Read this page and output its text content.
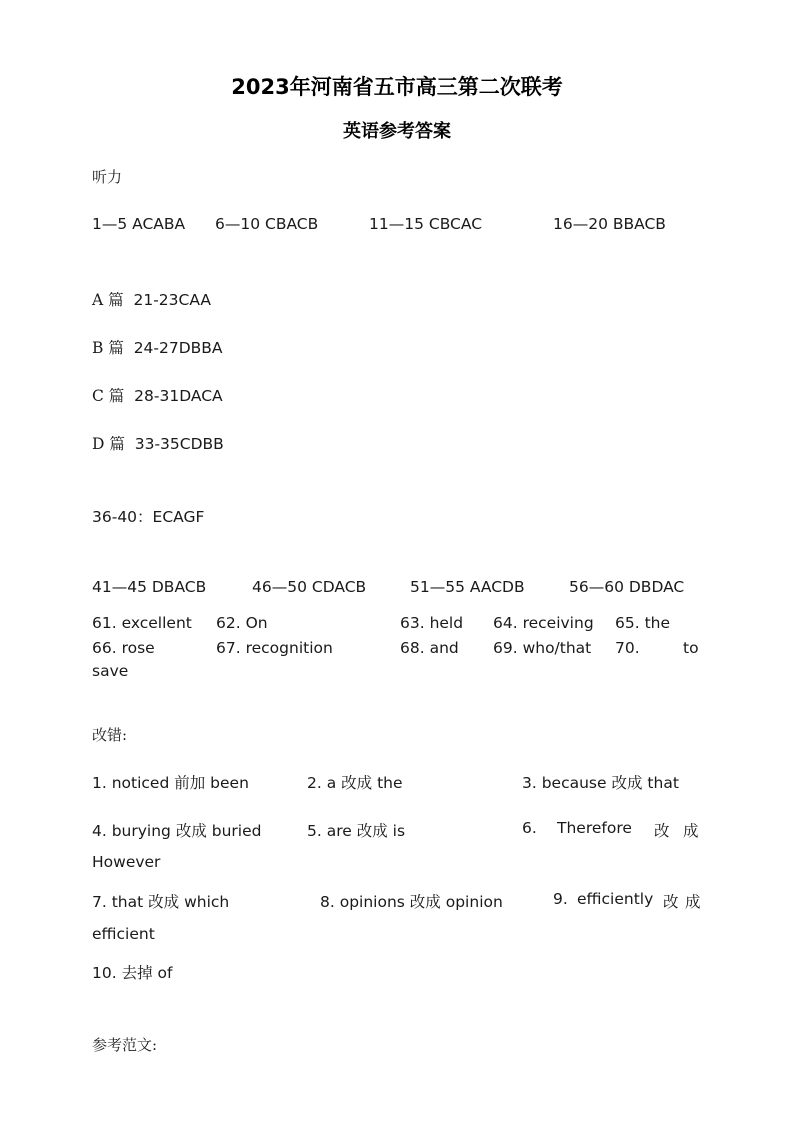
2023年河南省五市高三第二次联考
英语参考答案
听力
1—5 ACABA 6—10 CBACB	11—15 CBCAC	16—20 BBACB
A 篇 21-23CAA
B 篇 24-27DBBA
C 篇 28-31DACA
D 篇 33-35CDBB
36-40：ECAGF
41—45 DBACB	46—50 CDACB	51—55 AACDB	56—60 DBDAC
61. excellent 62. On	63. held 64. receiving 65. the
66. rose	67. recognition	68. and 69. who/that 70.	to
save
改错:
1. noticed 前加 been	2. a 改成 the	3. because 改成 that
4. burying 改成 buried	5. are 改成 is	6. Therefore 改 成
However
7. that 改成 which	8. opinions 改成 opinion	9. efficiently 改 成
efficient
10. 去掉 of
参考范文:
